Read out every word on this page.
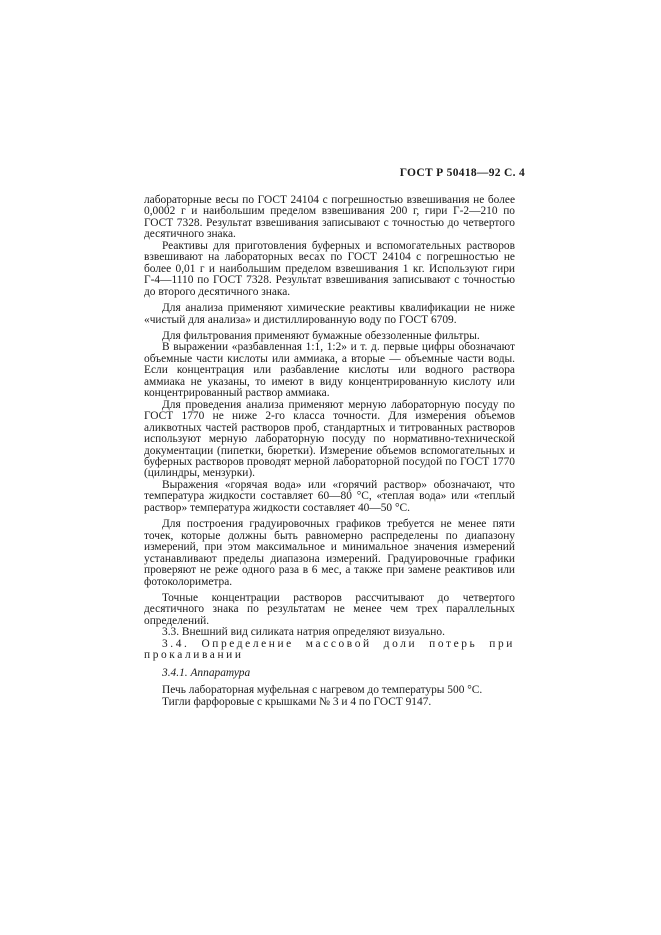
ГОСТ Р 50418—92 С. 4

лабораторные весы по ГОСТ 24104 с погрешностью взвешивания не более 0,0002 г и наибольшим пределом взвешивания 200 г, гири Г-2—210 по ГОСТ 7328. Результат взвешивания записывают с точностью до четвертого десятичного знака.

Реактивы для приготовления буферных и вспомогательных растворов взвешивают на лабораторных весах по ГОСТ 24104 с погрешностью не более 0,01 г и наибольшим пределом взвешивания 1 кг. Используют гири Г-4—1110 по ГОСТ 7328. Результат взвешивания записывают с точностью до второго десятичного знака.

Для анализа применяют химические реактивы квалификации не ниже «чистый для анализа» и дистиллированную воду по ГОСТ 6709.

Для фильтрования применяют бумажные обеззоленные фильтры.

В выражении «разбавленная 1:1, 1:2» и т. д. первые цифры обозначают объемные части кислоты или аммиака, а вторые — объемные части воды. Если концентрация или разбавление кислоты или водного раствора аммиака не указаны, то имеют в виду концентрированную кислоту или концентрированный раствор аммиака.

Для проведения анализа применяют мерную лабораторную посуду по ГОСТ 1770 не ниже 2-го класса точности. Для измерения объемов аликвотных частей растворов проб, стандартных и титрованных растворов используют мерную лабораторную посуду по нормативно-технической документации (пипетки, бюретки). Измерение объемов вспомогательных и буферных растворов проводят мерной лабораторной посудой по ГОСТ 1770 (цилиндры, мензурки).

Выражения «горячая вода» или «горячий раствор» обозначают, что температура жидкости составляет 60—80 °С, «теплая вода» или «теплый раствор» температура жидкости составляет 40—50 °С.

Для построения градуировочных графиков требуется не менее пяти точек, которые должны быть равномерно распределены по диапазону измерений, при этом максимальное и минимальное значения измерений устанавливают пределы диапазона измерений. Градуировочные графики проверяют не реже одного раза в 6 мес, а также при замене реактивов или фотоколориметра.

Точные концентрации растворов рассчитывают до четвертого десятичного знака по результатам не менее чем трех параллельных определений.

3.3. Внешний вид силиката натрия определяют визуально.

3.4. Определение массовой доли потерь при прокаливании

3.4.1. Аппаратура

Печь лабораторная муфельная с нагревом до температуры 500 °С.

Тигли фарфоровые с крышками № 3 и 4 по ГОСТ 9147.
